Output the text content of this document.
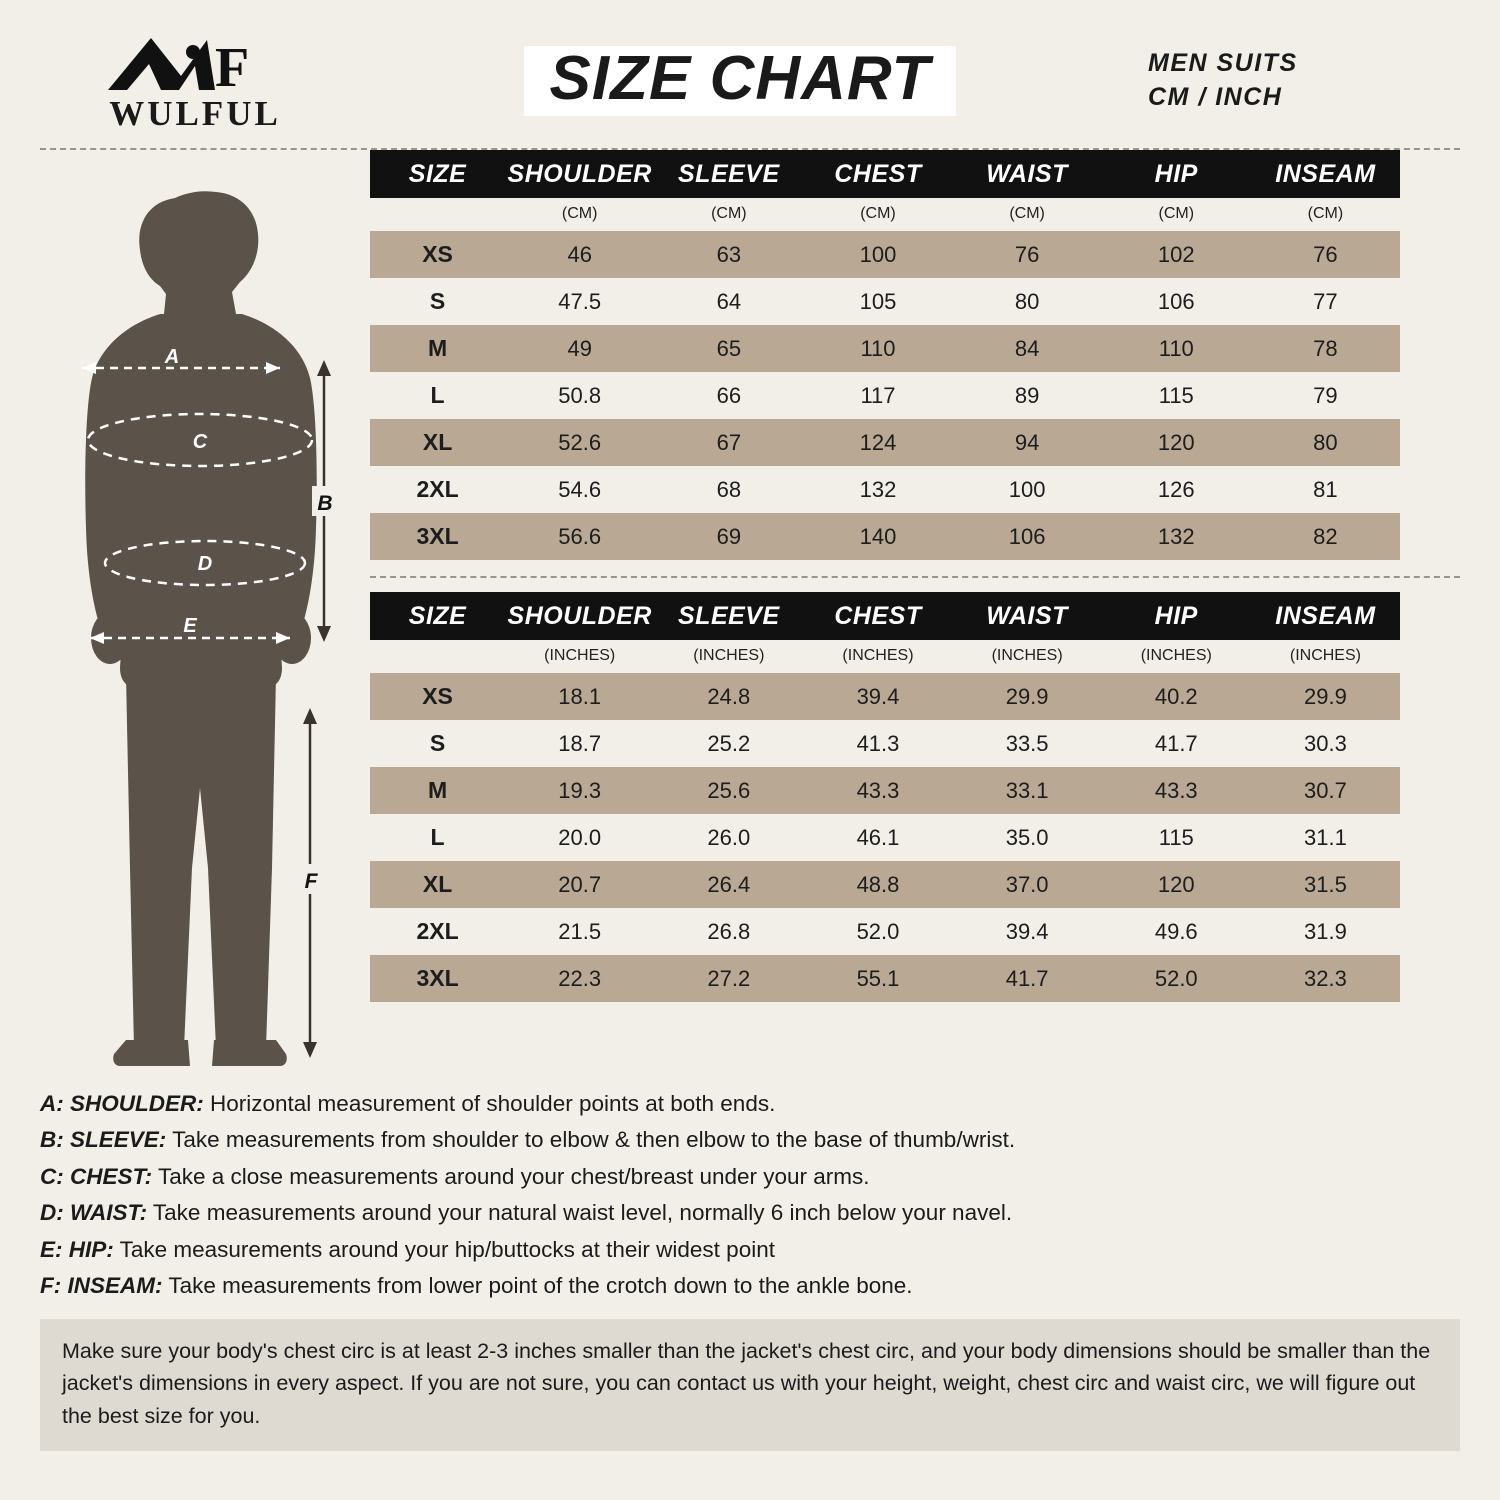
F
WULFUL	SIZE CHART	MEN SUITS
CM / INCH
A
B
C
D
E
F
SIZE	SHOULDER	SLEEVE	CHEST	WAIST	HIP	INSEAM
	(CM)	(CM)	(CM)	(CM)	(CM)	(CM)
XS	46	63	100	76	102	76
S	47.5	64	105	80	106	77
M	49	65	110	84	110	78
L	50.8	66	117	89	115	79
XL	52.6	67	124	94	120	80
2XL	54.6	68	132	100	126	81
3XL	56.6	69	140	106	132	82
SIZE	SHOULDER	SLEEVE	CHEST	WAIST	HIP	INSEAM
	(INCHES)	(INCHES)	(INCHES)	(INCHES)	(INCHES)	(INCHES)
XS	18.1	24.8	39.4	29.9	40.2	29.9
S	18.7	25.2	41.3	33.5	41.7	30.3
M	19.3	25.6	43.3	33.1	43.3	30.7
L	20.0	26.0	46.1	35.0	115	31.1
XL	20.7	26.4	48.8	37.0	120	31.5
2XL	21.5	26.8	52.0	39.4	49.6	31.9
3XL	22.3	27.2	55.1	41.7	52.0	32.3
A: SHOULDER: Horizontal measurement of shoulder points at both ends.
B: SLEEVE: Take measurements from shoulder to elbow & then elbow to the base of thumb/wrist.
C: CHEST: Take a close measurements around your chest/breast under your arms.
D: WAIST: Take measurements around your natural waist level, normally 6 inch below your navel.
E: HIP: Take measurements around your hip/buttocks at their widest point
F: INSEAM: Take measurements from lower point of the crotch down to the ankle bone.
Make sure your body's chest circ is at least 2-3 inches smaller than the jacket's chest circ, and your body dimensions should be smaller than the jacket's dimensions in every aspect. If you are not sure, you can contact us with your height, weight, chest circ and waist circ, we will figure out the best size for you.
